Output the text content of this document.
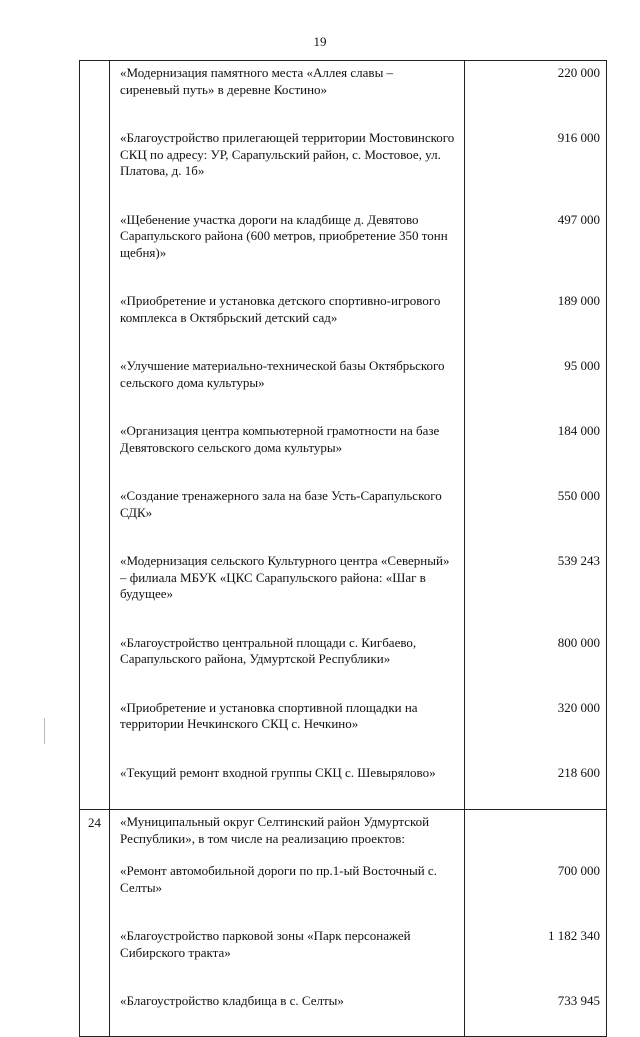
19
	«Модернизация памятного места «Аллея славы – сиреневый путь» в деревне Костино»	220 000

	«Благоустройство прилегающей территории Мостовинского СКЦ по адресу: УР, Сарапульский район, с. Мостовое, ул. Платова, д. 1б»	916 000

	«Щебенение участка дороги на кладбище д. Девятово Сарапульского района (600 метров, приобретение 350 тонн щебня)»	497 000

	«Приобретение и установка детского спортивно-игрового комплекса в Октябрьский детский сад»	189 000

	«Улучшение материально-технической базы Октябрьского сельского дома культуры»	95 000

	«Организация центра компьютерной грамотности на базе Девятовского сельского дома культуры»	184 000

	«Создание тренажерного зала на базе Усть-Сарапульского СДК»	550 000

	«Модернизация сельского Культурного центра «Северный» – филиала МБУК «ЦКС Сарапульского района: «Шаг в будущее»	539 243

	«Благоустройство центральной площади с. Кигбаево, Сарапульского района, Удмуртской Республики»	800 000

	«Приобретение и установка спортивной площадки на территории Нечкинского СКЦ с. Нечкино»	320 000

	«Текущий ремонт входной группы СКЦ с. Шевырялово»	218 600

24	«Муниципальный округ Селтинский район Удмуртской Республики», в том числе на реализацию проектов:	

	«Ремонт автомобильной дороги по пр.1-ый Восточный с. Селты»	700 000

	«Благоустройство парковой зоны «Парк персонажей Сибирского тракта»	1 182 340

	«Благоустройство кладбища в с. Селты»	733 945
